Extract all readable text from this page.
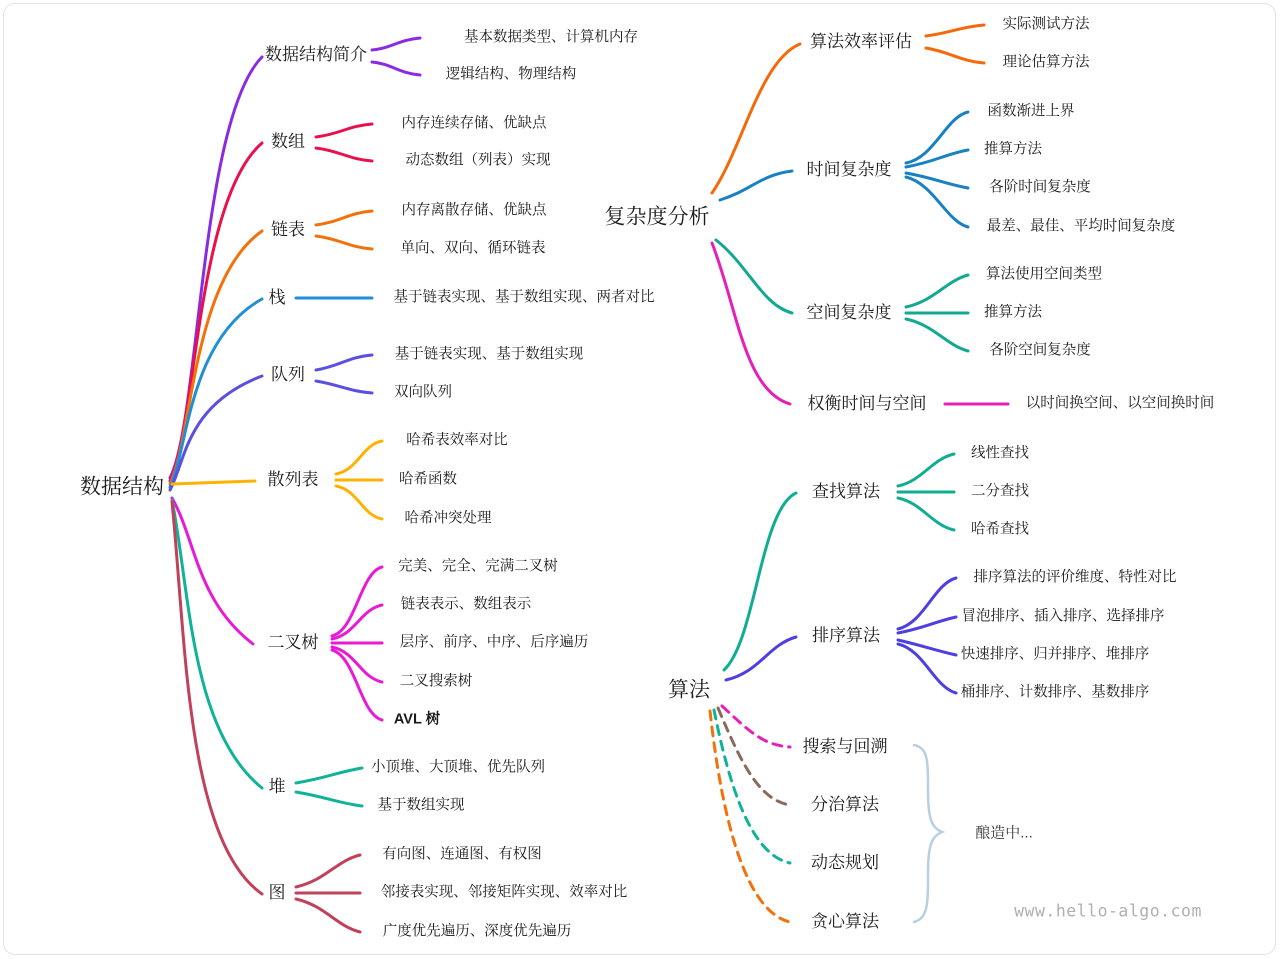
数据结构
数据结构简介
基本数据类型、计算机内存
逻辑结构、物理结构
数组
内存连续存储、优缺点
动态数组（列表）实现
链表
内存离散存储、优缺点
单向、双向、循环链表
栈	基于链表实现、基于数组实现、两者对比
队列
基于链表实现、基于数组实现
双向队列
散列表
哈希表效率对比
哈希函数
哈希冲突处理
二叉树
完美、完全、完满二叉树
链表表示、数组表示
层序、前序、中序、后序遍历
二叉搜索树
AVL 树
堆
小顶堆、大顶堆、优先队列
基于数组实现
图
有向图、连通图、有权图
邻接表实现、邻接矩阵实现、效率对比
广度优先遍历、深度优先遍历
复杂度分析
算法效率评估
实际测试方法
理论估算方法
时间复杂度
函数渐进上界
推算方法
各阶时间复杂度
最差、最佳、平均时间复杂度
空间复杂度
算法使用空间类型
推算方法
各阶空间复杂度
权衡时间与空间	以时间换空间、以空间换时间
算法
查找算法
线性查找
二分查找
哈希查找
排序算法
排序算法的评价维度、特性对比
冒泡排序、插入排序、选择排序
快速排序、归并排序、堆排序
桶排序、计数排序、基数排序
搜索与回溯
分治算法
动态规划
贪心算法
酿造中...
www.hello-algo.com
